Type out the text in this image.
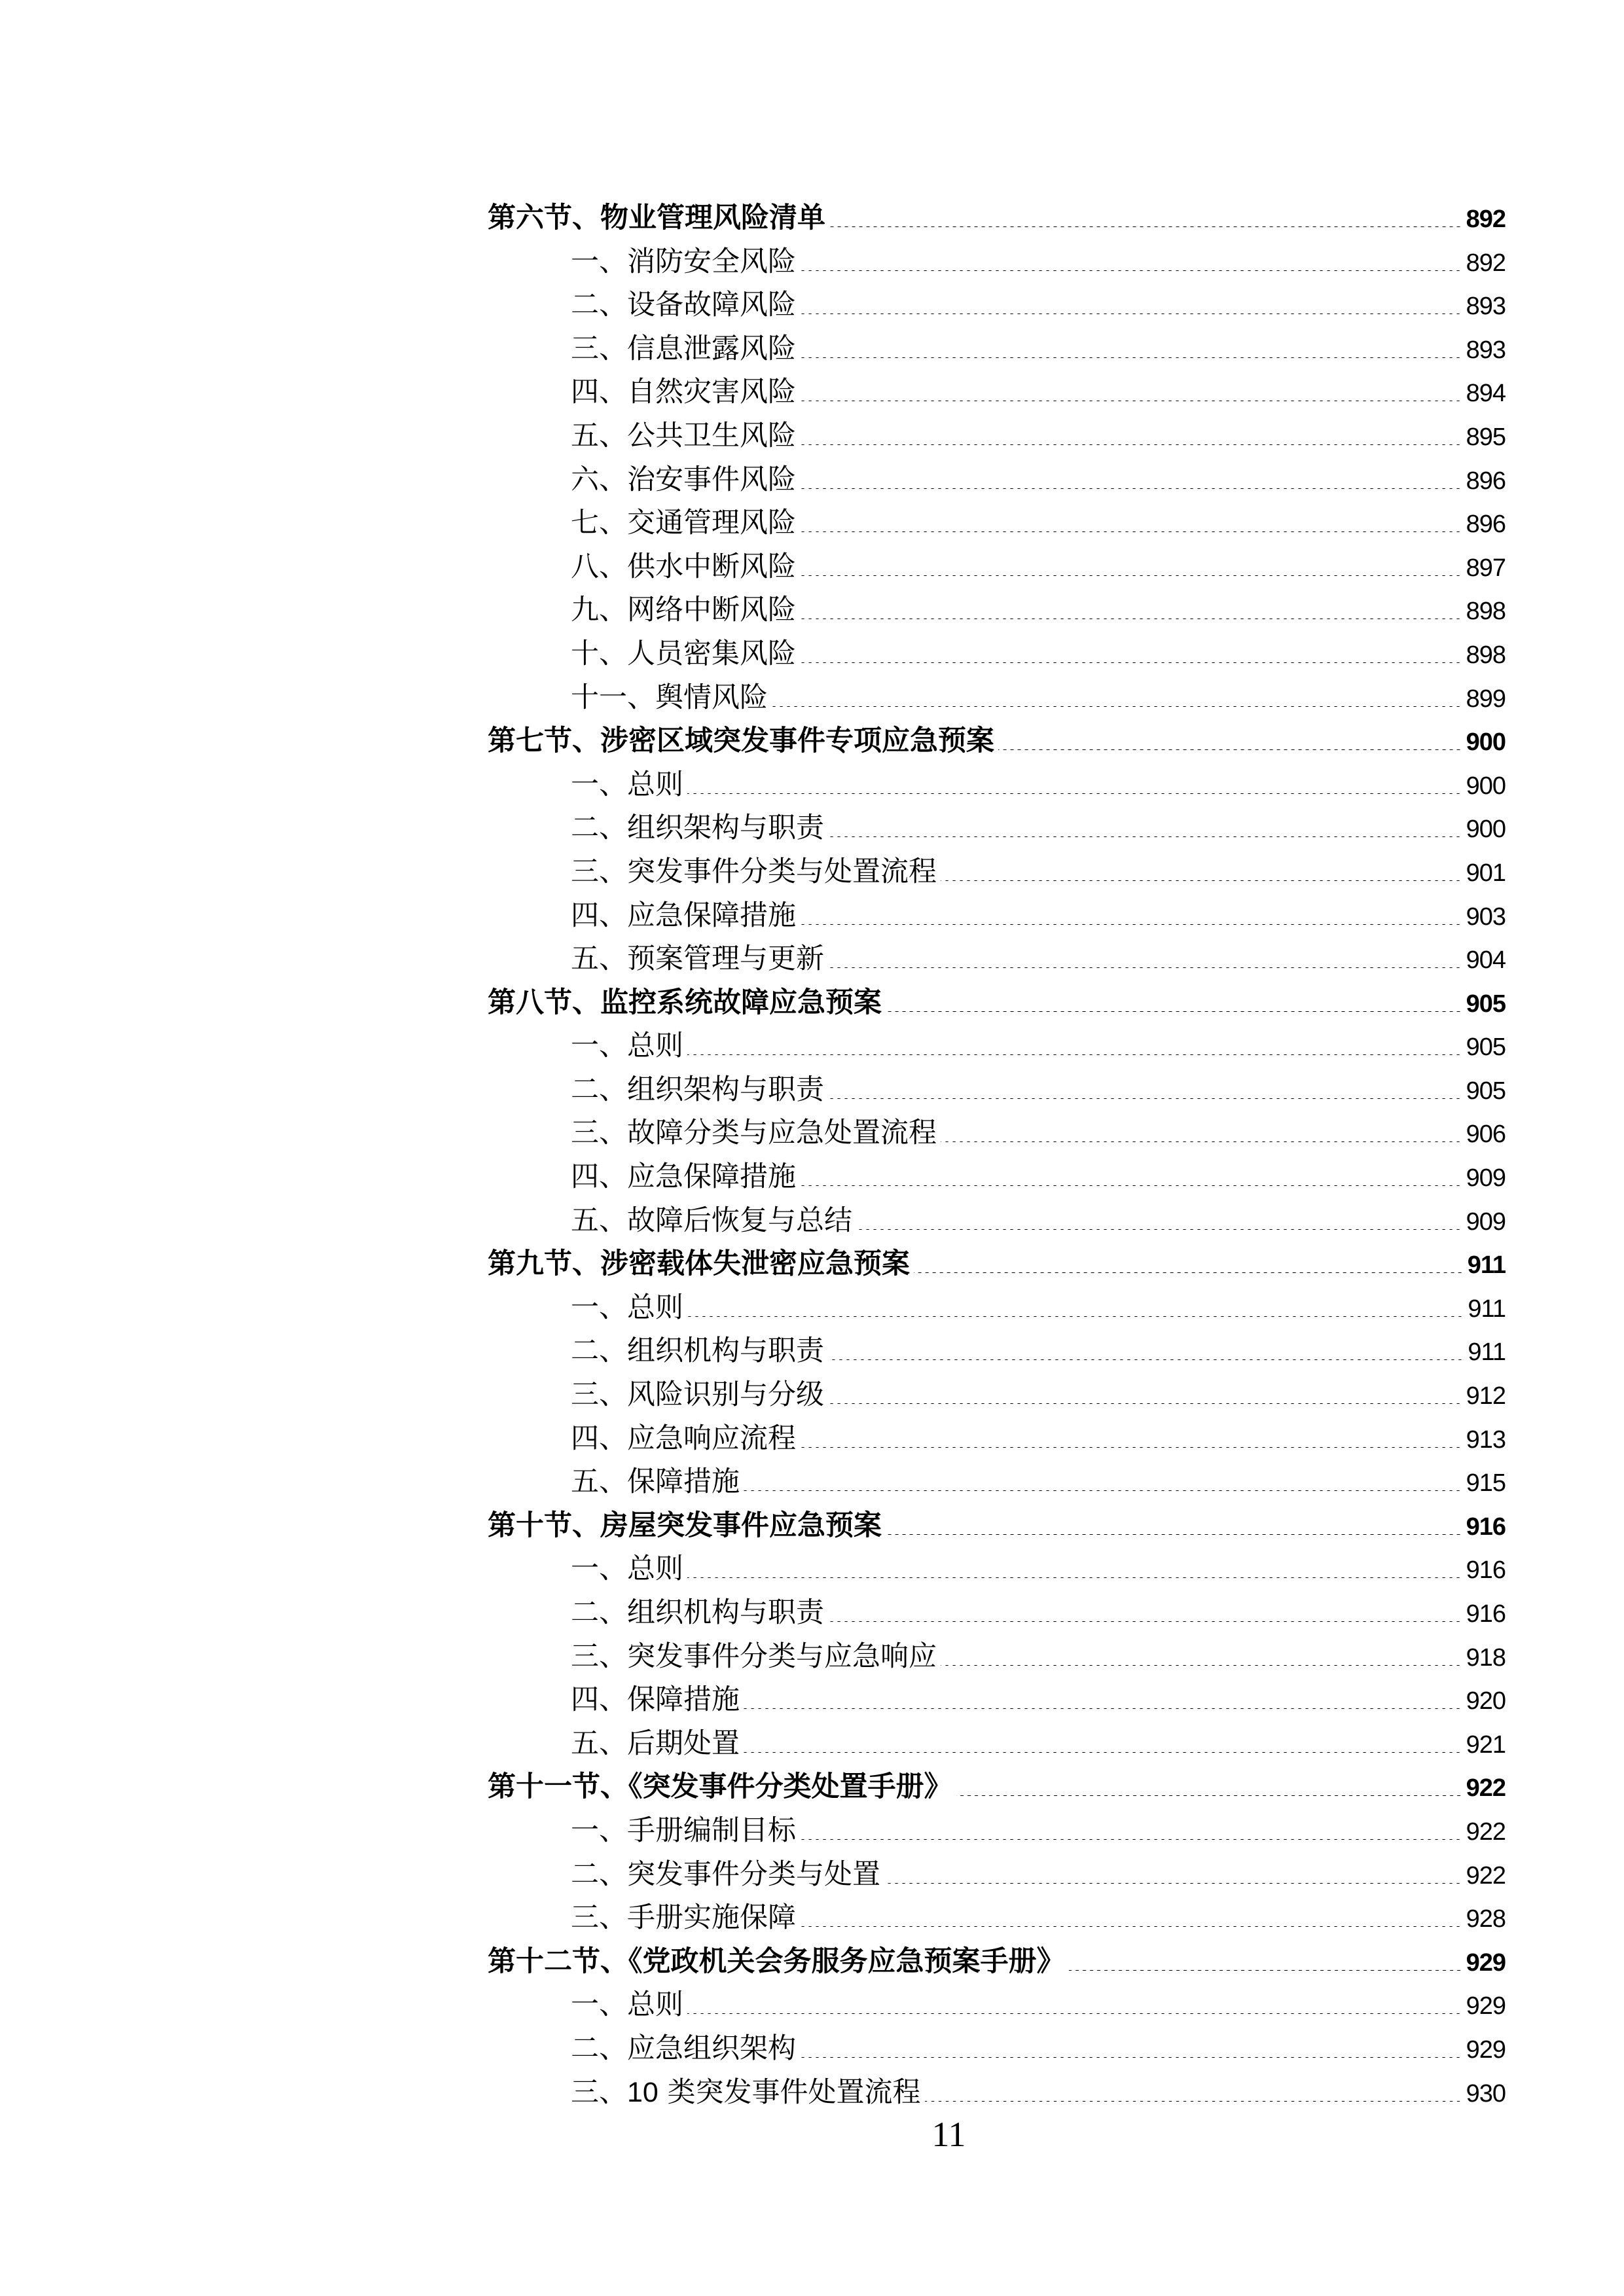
第六节、物业管理风险清单	892
一、消防安全风险	892
二、设备故障风险	893
三、信息泄露风险	893
四、自然灾害风险	894
五、公共卫生风险	895
六、治安事件风险	896
七、交通管理风险	896
八、供水中断风险	897
九、网络中断风险	898
十、人员密集风险	898
十一、舆情风险	899
第七节、涉密区域突发事件专项应急预案	900
一、总则	900
二、组织架构与职责	900
三、突发事件分类与处置流程	901
四、应急保障措施	903
五、预案管理与更新	904
第八节、监控系统故障应急预案	905
一、总则	905
二、组织架构与职责	905
三、故障分类与应急处置流程	906
四、应急保障措施	909
五、故障后恢复与总结	909
第九节、涉密载体失泄密应急预案	911
一、总则	911
二、组织机构与职责	911
三、风险识别与分级	912
四、应急响应流程	913
五、保障措施	915
第十节、房屋突发事件应急预案	916
一、总则	916
二、组织机构与职责	916
三、突发事件分类与应急响应	918
四、保障措施	920
五、后期处置	921
第十一节、《突发事件分类处置手册》	922
一、手册编制目标	922
二、突发事件分类与处置	922
三、手册实施保障	928
第十二节、《党政机关会务服务应急预案手册》	929
一、总则	929
二、应急组织架构	929
三、10 类突发事件处置流程	930
11
